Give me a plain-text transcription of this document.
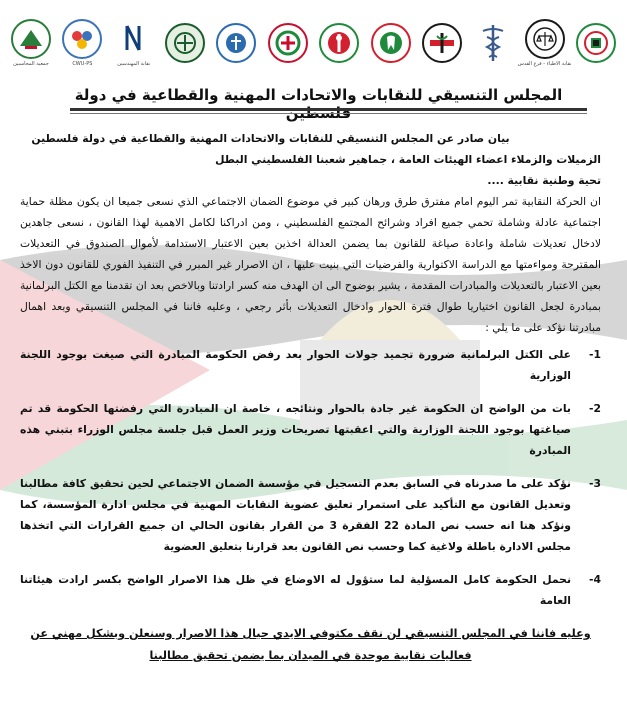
جمعية المحاسبين	CWU-PS	نقابة المهندسين	نقابة الأطباء - فرع القدس
المجلس التنسيقي للنقابات والاتحادات المهنية والقطاعية في دولة

بيان صادر عن المجلس التنسيقي للنقابات والاتحادات المهنية والقطاعية في دولة فلسطين

الزميلات والزملاء اعضاء الهيئات العامة ، جماهير شعبنا الفلسطيني البطل

تحية وطنية نقابية ....

ان الحركة النقابية تمر اليوم امام مفترق طرق ورهان كبير في موضوع الضمان الاجتماعي الذي نسعى جميعا ان يكون مظلة حماية اجتماعية عادلة وشاملة تحمي جميع افراد وشرائح المجتمع الفلسطيني ، ومن ادراكنا لكامل الاهمية لهذا القانون ، نسعى جاهدين لادخال تعديلات شاملة واعادة صياغة للقانون بما يضمن العدالة اخذين بعين الاعتبار الاستدامة لأموال الصندوق في التعديلات المقترحة ومواءمتها مع الدراسة الاكتوارية والفرضيات التي بنيت عليها ، ان الاصرار غير المبرر في التنفيذ الفوري للقانون دون الاخذ بعين الاعتبار بالتعديلات والمبادرات المقدمة ، يشير بوضوح الى ان الهدف منه كسر ارادتنا وبالاخص بعد ان تقدمنا مع الكتل البرلمانية بمبادرة لجعل القانون اختياريا طوال فترة الحوار وادخال التعديلات بأثر رجعي ، وعليه فاننا في المجلس التنسيقي وبعد اهمال مبادرتنا نؤكد على ما يلي :

1-
على الكتل البرلمانية ضرورة تجميد جولات الحوار بعد رفض الحكومة المبادرة التي صيغت بوجود اللجنة الوزارية
2-
بات من الواضح ان الحكومة غير جادة بالحوار ونتائجه ، خاصة ان المبادرة التي رفضتها الحكومة قد تم صياغتها بوجود اللجنة الوزارية والتي اعقبتها تصريحات وزير العمل قبل جلسة مجلس الوزراء بتبني هذه المبادرة
3-
نؤكد على ما صدرناه في السابق بعدم التسجيل في مؤسسة الضمان الاجتماعي لحين تحقيق كافة مطالبنا وتعديل القانون مع التأكيد على استمرار تعليق عضوية النقابات المهنية في مجلس ادارة المؤسسة، كما ونؤكد هنا انه حسب نص المادة 22 الفقرة 3 من القرار بقانون الحالي ان جميع القرارات التي اتخذها مجلس الادارة باطلة ولاغية كما وحسب نص القانون بعد قرارنا بتعليق العضوية
4-
نحمل الحكومة كامل المسؤلية لما ستؤول له الاوضاع في ظل هذا الاصرار الواضح بكسر ارادت هيئاتنا العامة

وعليه فاننا في المجلس التنسيقي لن نقف مكتوفي الايدي حيال هذا الاصرار وسنعلن وبشكل مهني عن فعاليات نقابية موحدة في الميدان بما يضمن تحقيق مطالبنا
